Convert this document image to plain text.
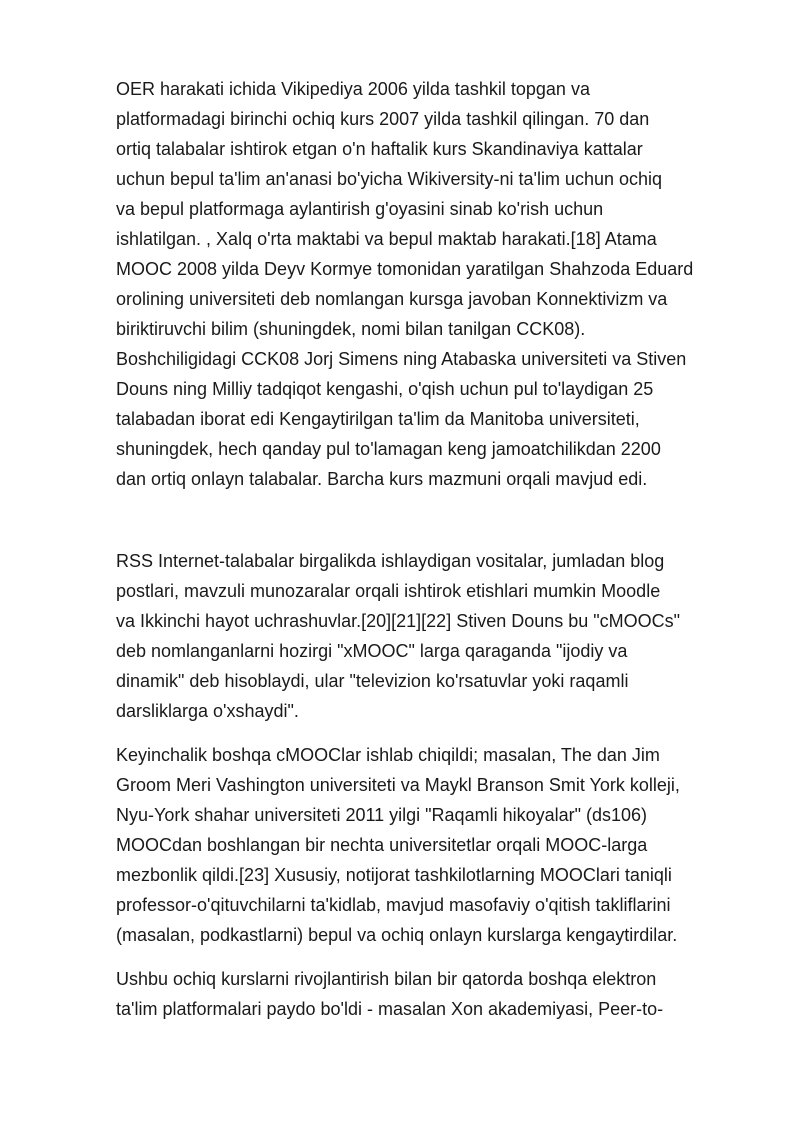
OER harakati ichida Vikipediya 2006 yilda tashkil topgan va
platformadagi birinchi ochiq kurs 2007 yilda tashkil qilingan. 70 dan
ortiq talabalar ishtirok etgan o'n haftalik kurs Skandinaviya kattalar
uchun bepul ta'lim an'anasi bo'yicha Wikiversity-ni ta'lim uchun ochiq
va bepul platformaga aylantirish g'oyasini sinab ko'rish uchun
ishlatilgan. , Xalq o'rta maktabi va bepul maktab harakati.[18] Atama
MOOC 2008 yilda Deyv Kormye tomonidan yaratilgan Shahzoda Eduard
orolining universiteti deb nomlangan kursga javoban Konnektivizm va
biriktiruvchi bilim (shuningdek, nomi bilan tanilgan CCK08).
Boshchiligidagi CCK08 Jorj Simens ning Atabaska universiteti va Stiven
Douns ning Milliy tadqiqot kengashi, o'qish uchun pul to'laydigan 25
talabadan iborat edi Kengaytirilgan ta'lim da Manitoba universiteti,
shuningdek, hech qanday pul to'lamagan keng jamoatchilikdan 2200
dan ortiq onlayn talabalar. Barcha kurs mazmuni orqali mavjud edi.

RSS Internet-talabalar birgalikda ishlaydigan vositalar, jumladan blog
postlari, mavzuli munozaralar orqali ishtirok etishlari mumkin Moodle
va Ikkinchi hayot uchrashuvlar.[20][21][22] Stiven Douns bu "cMOOCs"
deb nomlanganlarni hozirgi "xMOOC" larga qaraganda "ijodiy va
dinamik" deb hisoblaydi, ular "televizion ko'rsatuvlar yoki raqamli
darsliklarga o'xshaydi".

Keyinchalik boshqa cMOOClar ishlab chiqildi; masalan, The dan Jim
Groom Meri Vashington universiteti va Maykl Branson Smit York kolleji,
Nyu-York shahar universiteti 2011 yilgi "Raqamli hikoyalar" (ds106)
MOOCdan boshlangan bir nechta universitetlar orqali MOOC-larga
mezbonlik qildi.[23] Xususiy, notijorat tashkilotlarning MOOClari taniqli
professor-o'qituvchilarni ta'kidlab, mavjud masofaviy o'qitish takliflarini
(masalan, podkastlarni) bepul va ochiq onlayn kurslarga kengaytirdilar.

Ushbu ochiq kurslarni rivojlantirish bilan bir qatorda boshqa elektron
ta'lim platformalari paydo bo'ldi - masalan Xon akademiyasi, Peer-to-
